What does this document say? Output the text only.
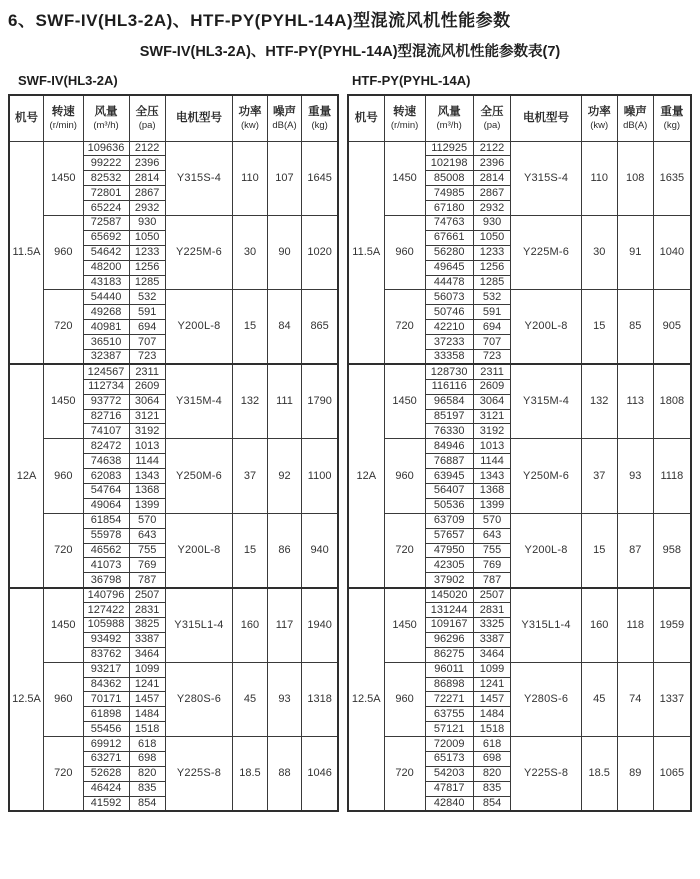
6、SWF-IV(HL3-2A)、HTF-PY(PYHL-14A)型混流风机性能参数
SWF-IV(HL3-2A)、HTF-PY(PYHL-14A)型混流风机性能参数表(7)
SWF-IV(HL3-2A)	HTF-PY(PYHL-14A)
机号	转速
(r/min)

风量
(m³/h)

全压
(pa)

电机型号	功率
(kw)

噪声
dB(A)

重量
(kg)

11.5A	1450	109636	2122	Y315S-4	110	107	1645
		99222	2396				
		82532	2814				
		72801	2867				
		65224	2932				
	960	72587	930	Y225M-6	30	90	1020
		65692	1050				
		54642	1233				
		48200	1256				
		43183	1285				
	720	54440	532	Y200L-8	15	84	865
		49268	591				
		40981	694				
		36510	707				
		32387	723				
12A	1450	124567	2311	Y315M-4	132	111	1790
		112734	2609				
		93772	3064				
		82716	3121				
		74107	3192				
	960	82472	1013	Y250M-6	37	92	1100
		74638	1144				
		62083	1343				
		54764	1368				
		49064	1399				
	720	61854	570	Y200L-8	15	86	940
		55978	643				
		46562	755				
		41073	769				
		36798	787				
12.5A	1450	140796	2507	Y315L1-4	160	117	1940
		127422	2831				
		105988	3825				
		93492	3387				
		83762	3464				
	960	93217	1099	Y280S-6	45	93	1318
		84362	1241				
		70171	1457				
		61898	1484				
		55456	1518				
	720	69912	618	Y225S-8	18.5	88	1046
		63271	698				
		52628	820				
		46424	835				
		41592	854				
机号	转速
(r/min)

风量
(m³/h)

全压
(pa)

电机型号	功率
(kw)

噪声
dB(A)

重量
(kg)

11.5A	1450	112925	2122	Y315S-4	110	108	1635
		102198	2396				
		85008	2814				
		74985	2867				
		67180	2932				
	960	74763	930	Y225M-6	30	91	1040
		67661	1050				
		56280	1233				
		49645	1256				
		44478	1285				
	720	56073	532	Y200L-8	15	85	905
		50746	591				
		42210	694				
		37233	707				
		33358	723				
12A	1450	128730	2311	Y315M-4	132	113	1808
		116116	2609				
		96584	3064				
		85197	3121				
		76330	3192				
	960	84946	1013	Y250M-6	37	93	1118
		76887	1144				
		63945	1343				
		56407	1368				
		50536	1399				
	720	63709	570	Y200L-8	15	87	958
		57657	643				
		47950	755				
		42305	769				
		37902	787				
12.5A	1450	145020	2507	Y315L1-4	160	118	1959
		131244	2831				
		109167	3325				
		96296	3387				
		86275	3464				
	960	96011	1099	Y280S-6	45	74	1337
		86898	1241				
		72271	1457				
		63755	1484				
		57121	1518				
	720	72009	618	Y225S-8	18.5	89	1065
		65173	698				
		54203	820				
		47817	835				
		42840	854				
